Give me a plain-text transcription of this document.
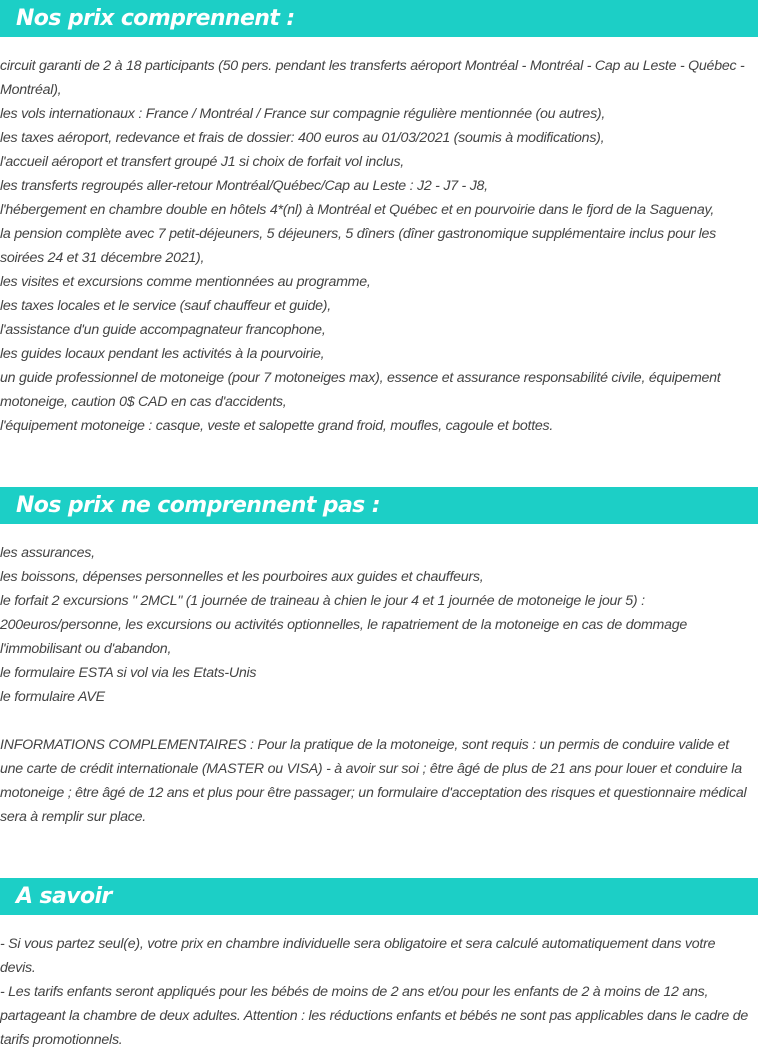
Nos prix comprennent :
circuit garanti de 2 à 18 participants (50 pers. pendant les transferts aéroport Montréal - Montréal - Cap au Leste - Québec - Montréal),
les vols internationaux : France / Montréal / France sur compagnie régulière mentionnée (ou autres),
les taxes aéroport, redevance et frais de dossier: 400 euros au 01/03/2021 (soumis à modifications),
l'accueil aéroport et transfert groupé J1 si choix de forfait vol inclus,
les transferts regroupés aller-retour Montréal/Québec/Cap au Leste : J2 - J7 - J8,
l'hébergement en chambre double en hôtels 4*(nl) à Montréal et Québec et en pourvoirie dans le fjord de la Saguenay,
la pension complète avec 7 petit-déjeuners, 5 déjeuners, 5 dîners (dîner gastronomique supplémentaire inclus pour les soirées 24 et 31 décembre 2021),
les visites et excursions comme mentionnées au programme,
les taxes locales et le service (sauf chauffeur et guide),
l'assistance d'un guide accompagnateur francophone,
les guides locaux pendant les activités à la pourvoirie,
un guide professionnel de motoneige (pour 7 motoneiges max), essence et assurance responsabilité civile, équipement motoneige, caution 0$ CAD en cas d'accidents,
l'équipement motoneige : casque, veste et salopette grand froid, moufles, cagoule et bottes.
Nos prix ne comprennent pas :
les assurances,
les boissons, dépenses personnelles et les pourboires aux guides et chauffeurs,
le forfait 2 excursions " 2MCL" (1 journée de traineau à chien le jour 4 et 1 journée de motoneige le jour 5) : 200euros/personne, les excursions ou activités optionnelles, le rapatriement de la motoneige en cas de dommage l'immobilisant ou d'abandon,
le formulaire ESTA si vol via les Etats-Unis
le formulaire AVE
INFORMATIONS COMPLEMENTAIRES : Pour la pratique de la motoneige, sont requis : un permis de conduire valide et une carte de crédit internationale (MASTER ou VISA) - à avoir sur soi ; être âgé de plus de 21 ans pour louer et conduire la motoneige ; être âgé de 12 ans et plus pour être passager; un formulaire d'acceptation des risques et questionnaire médical sera à remplir sur place.
A savoir
- Si vous partez seul(e), votre prix en chambre individuelle sera obligatoire et sera calculé automatiquement dans votre devis.
- Les tarifs enfants seront appliqués pour les bébés de moins de 2 ans et/ou pour les enfants de 2 à moins de 12 ans, partageant la chambre de deux adultes. Attention : les réductions enfants et bébés ne sont pas applicables dans le cadre de tarifs promotionnels.
